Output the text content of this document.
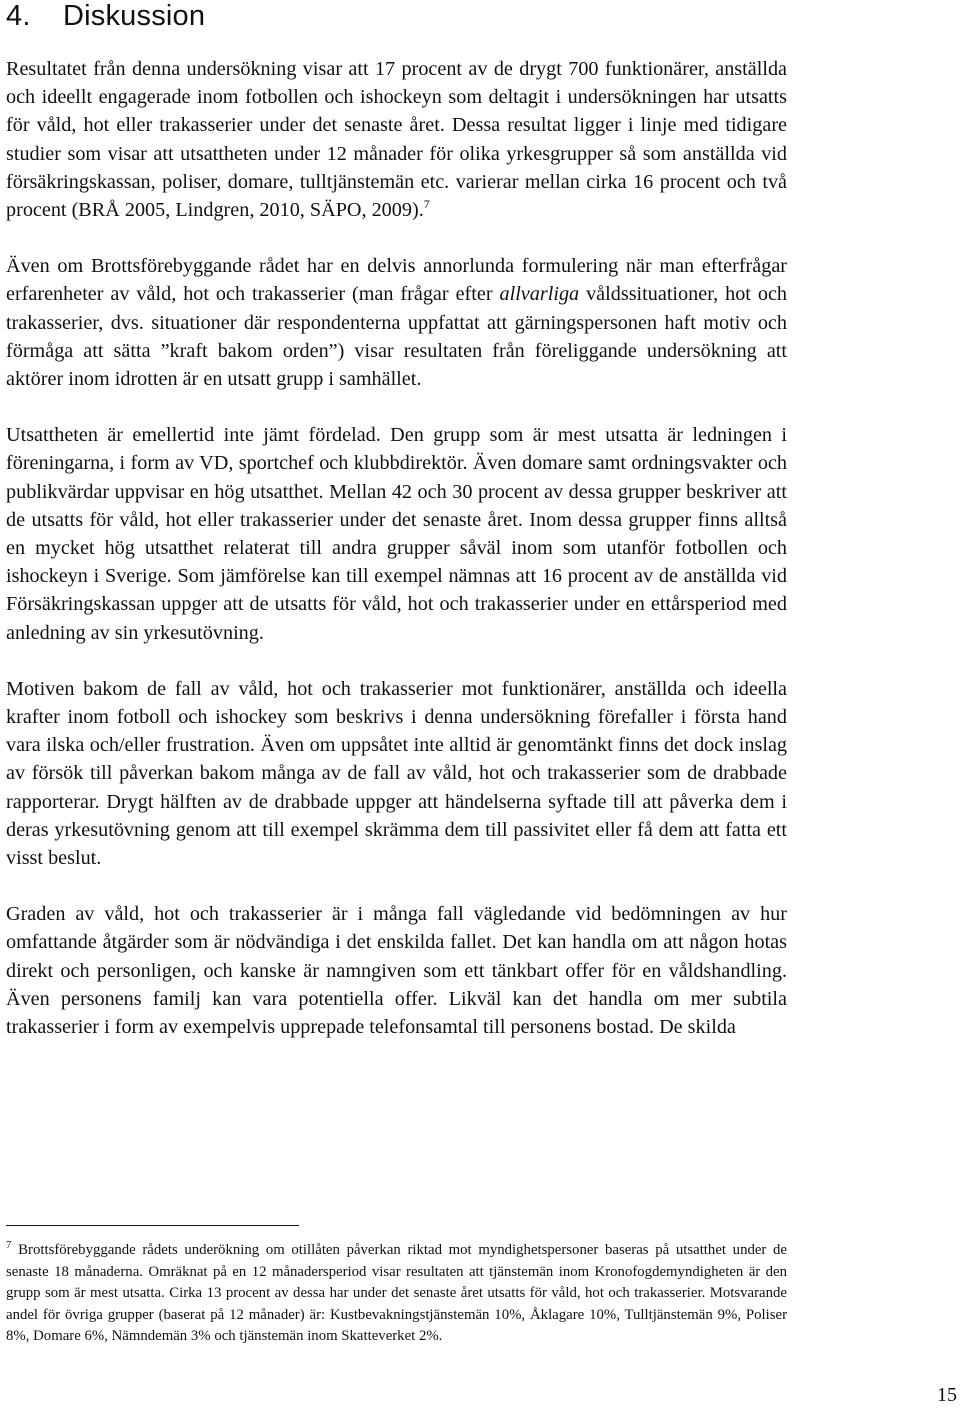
4. Diskussion

Resultatet från denna undersökning visar att 17 procent av de drygt 700 funktionärer, anställda och ideellt engagerade inom fotbollen och ishockeyn som deltagit i undersökningen har utsatts för våld, hot eller trakasserier under det senaste året. Dessa resultat ligger i linje med tidigare studier som visar att utsattheten under 12 månader för olika yrkesgrupper så som anställda vid försäkringskassan, poliser, domare, tulltjänstemän etc. varierar mellan cirka 16 procent och två procent (BRÅ 2005, Lindgren, 2010, SÄPO, 2009).$^7$

Även om Brottsförebyggande rådet har en delvis annorlunda formulering när man efterfrågar erfarenheter av våld, hot och trakasserier (man frågar efter allvarliga våldssituationer, hot och trakasserier, dvs. situationer där respondenterna uppfattat att gärningspersonen haft motiv och förmåga att sätta ”kraft bakom orden”) visar resultaten från föreliggande undersökning att aktörer inom idrotten är en utsatt grupp i samhället.

Utsattheten är emellertid inte jämt fördelad. Den grupp som är mest utsatta är ledningen i föreningarna, i form av VD, sportchef och klubbdirektör. Även domare samt ordningsvakter och publikvärdar uppvisar en hög utsatthet. Mellan 42 och 30 procent av dessa grupper beskriver att de utsatts för våld, hot eller trakasserier under det senaste året. Inom dessa grupper finns alltså en mycket hög utsatthet relaterat till andra grupper såväl inom som utanför fotbollen och ishockeyn i Sverige. Som jämförelse kan till exempel nämnas att 16 procent av de anställda vid Försäkringskassan uppger att de utsatts för våld, hot och trakasserier under en ettårsperiod med anledning av sin yrkesutövning.

Motiven bakom de fall av våld, hot och trakasserier mot funktionärer, anställda och ideella krafter inom fotboll och ishockey som beskrivs i denna undersökning förefaller i första hand vara ilska och/eller frustration. Även om uppsåtet inte alltid är genomtänkt finns det dock inslag av försök till påverkan bakom många av de fall av våld, hot och trakasserier som de drabbade rapporterar. Drygt hälften av de drabbade uppger att händelserna syftade till att påverka dem i deras yrkesutövning genom att till exempel skrämma dem till passivitet eller få dem att fatta ett visst beslut.

Graden av våld, hot och trakasserier är i många fall vägledande vid bedömningen av hur omfattande åtgärder som är nödvändiga i det enskilda fallet. Det kan handla om att någon hotas direkt och personligen, och kanske är namngiven som ett tänkbart offer för en våldshandling. Även personens familj kan vara potentiella offer. Likväl kan det handla om mer subtila trakasserier i form av exempelvis upprepade telefonsamtal till personens bostad. De skilda

$^7$ Brottsförebyggande rådets underökning om otillåten påverkan riktad mot myndighetspersoner baseras på utsatthet under de senaste 18 månaderna. Omräknat på en 12 månadersperiod visar resultaten att tjänstemän inom Kronofogdemyndigheten är den grupp som är mest utsatta. Cirka 13 procent av dessa har under det senaste året utsatts för våld, hot och trakasserier. Motsvarande andel för övriga grupper (baserat på 12 månader) är: Kustbevakningstjänstemän 10%, Åklagare 10%, Tulltjänstemän 9%, Poliser 8%, Domare 6%, Nämndemän 3% och tjänstemän inom Skatteverket 2%.
15
